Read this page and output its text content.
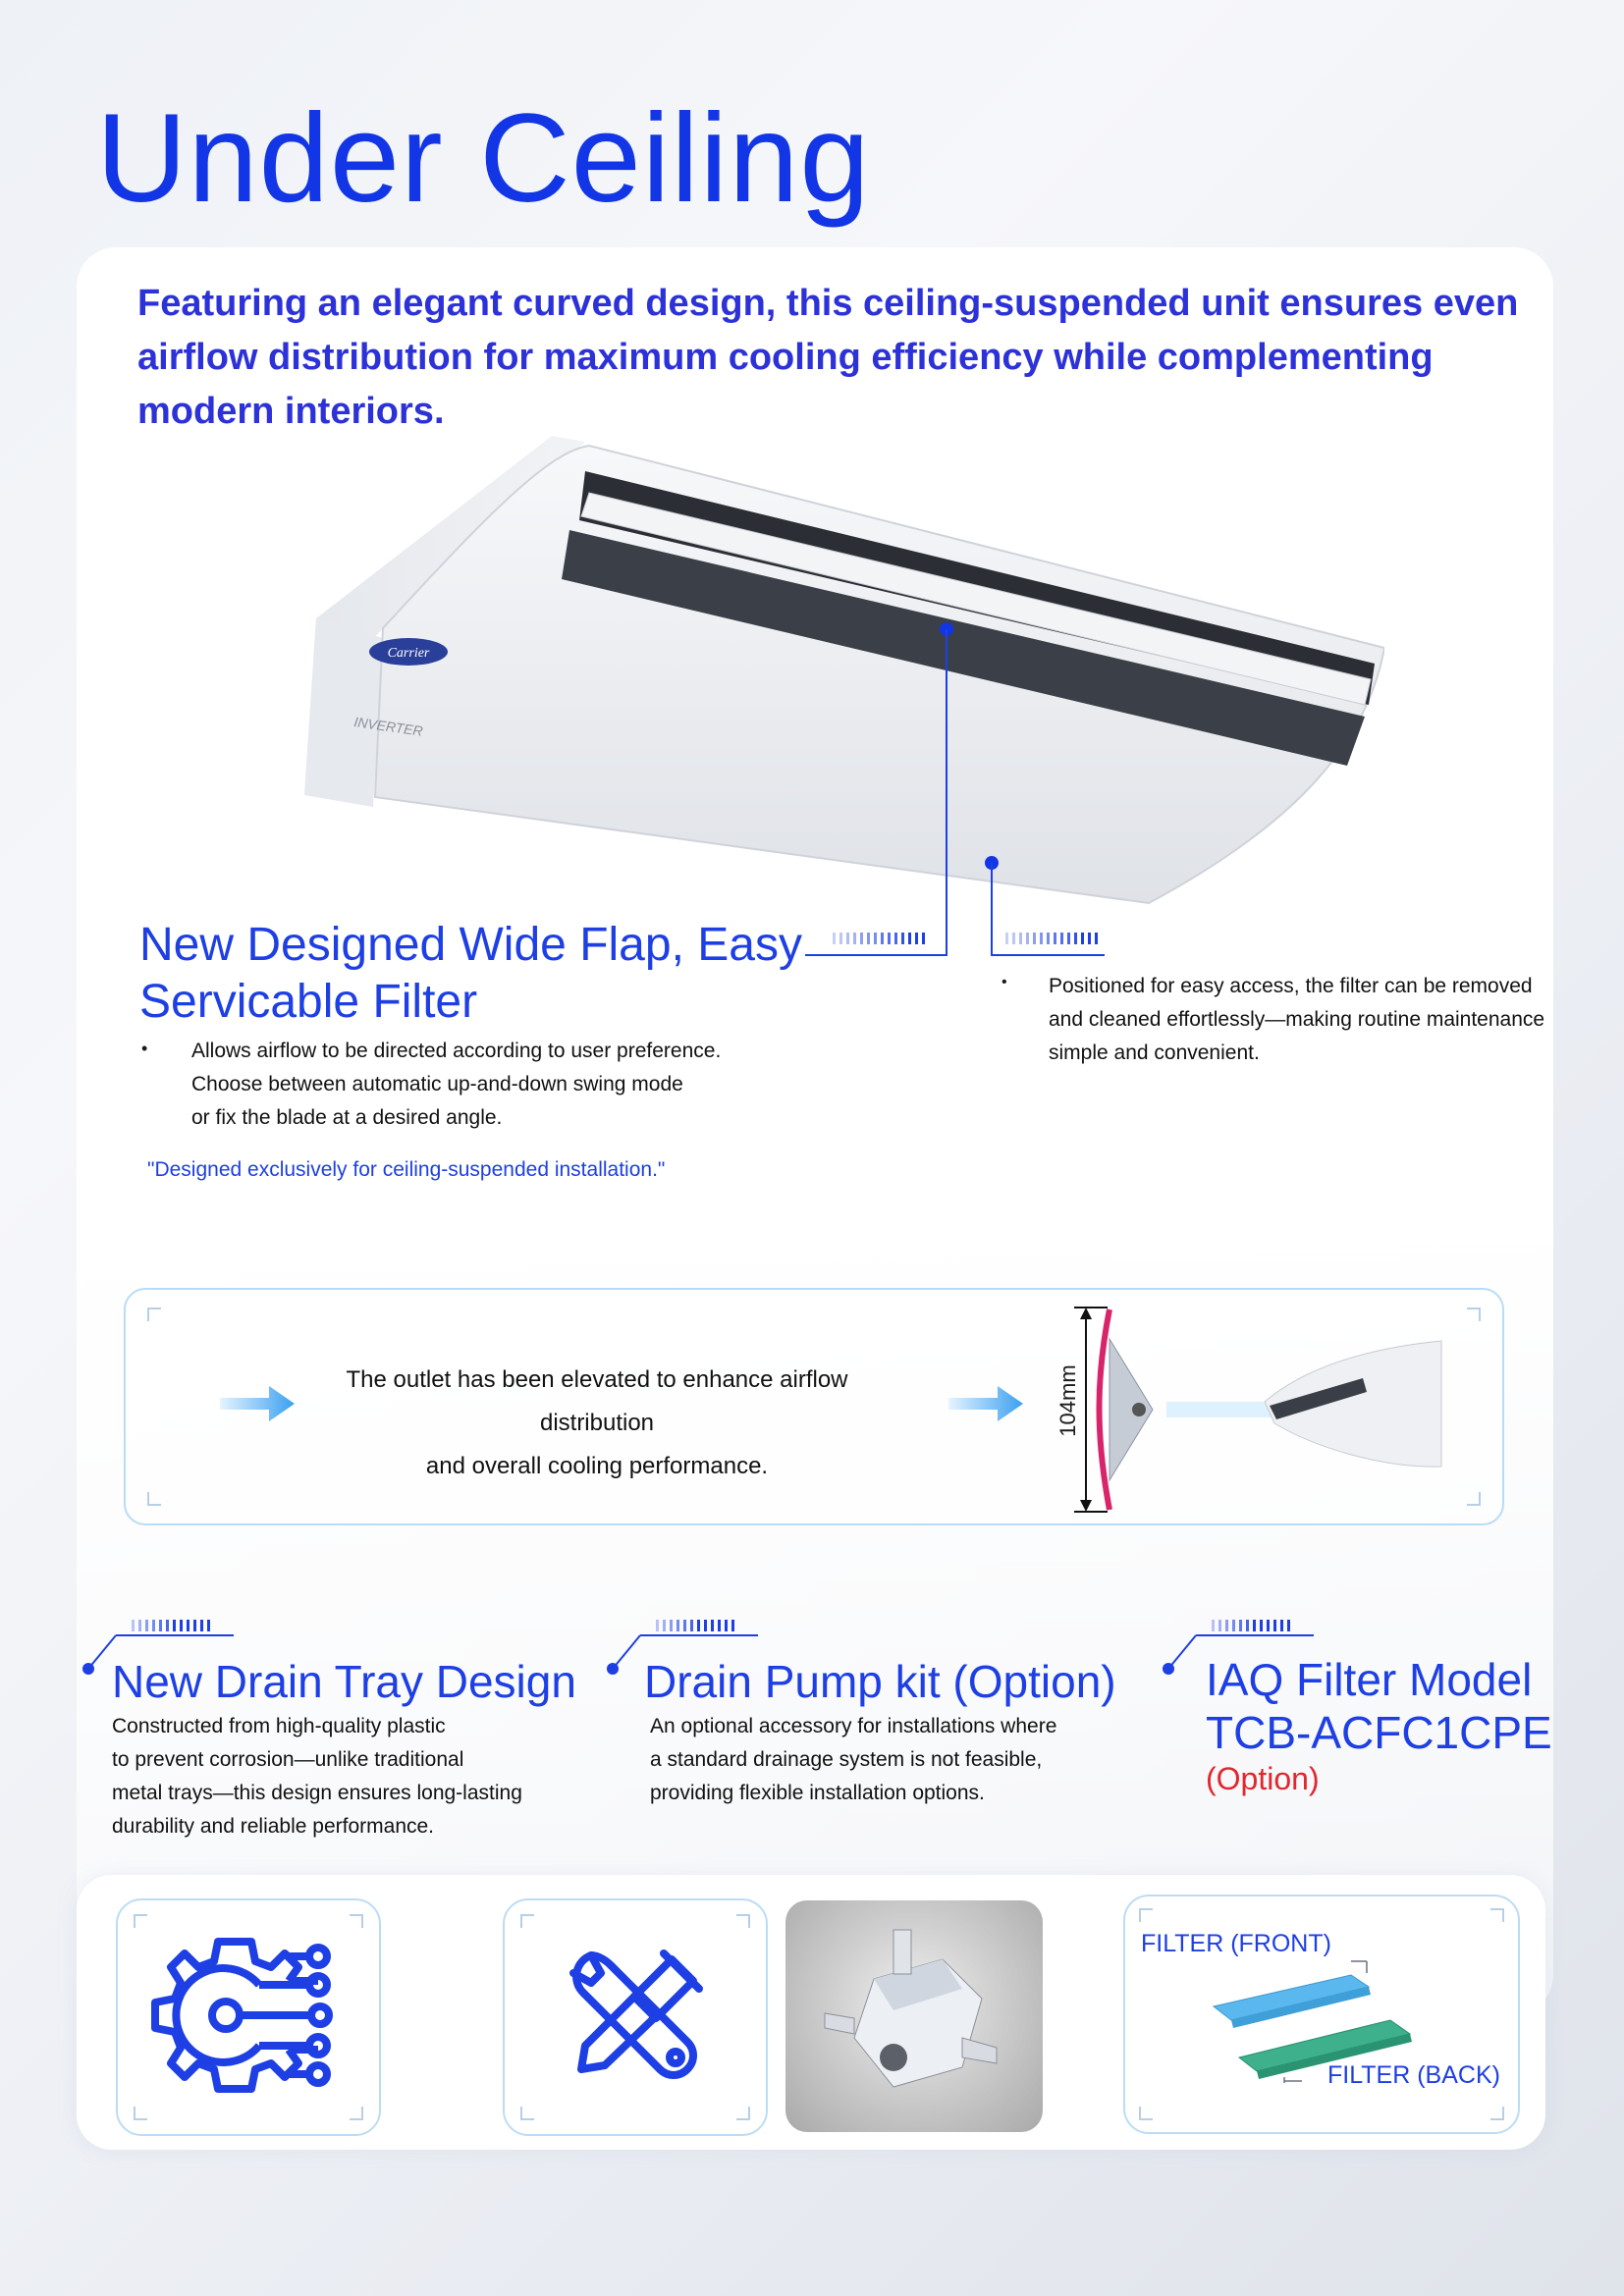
Under Ceiling

Featuring an elegant curved design, this ceiling-suspended unit ensures even airflow distribution for maximum cooling efficiency while complementing modern interiors.

Carrier
INVERTER

New Designed Wide Flap, Easy

Servicable Filter

• Allows airflow to be directed according to user preference.

Choose between automatic up-and-down swing mode

or fix the blade at a desired angle.

"Designed exclusively for ceiling-suspended installation."
• Positioned for easy access, the filter can be removed

and cleaned effortlessly—making routine maintenance

simple and convenient.

The outlet has been elevated to enhance airflow distribution
and overall cooling performance.
104mm

New Drain Tray Design

Constructed from high-quality plastic

to prevent corrosion—unlike traditional

metal trays—this design ensures long-lasting

durability and reliable performance.

Drain Pump kit (Option)

An optional accessory for installations where

a standard drainage system is not feasible,

providing flexible installation options.

IAQ Filter Model

TCB-ACFC1CPE

(Option)

FILTER (FRONT)
FILTER (BACK)
